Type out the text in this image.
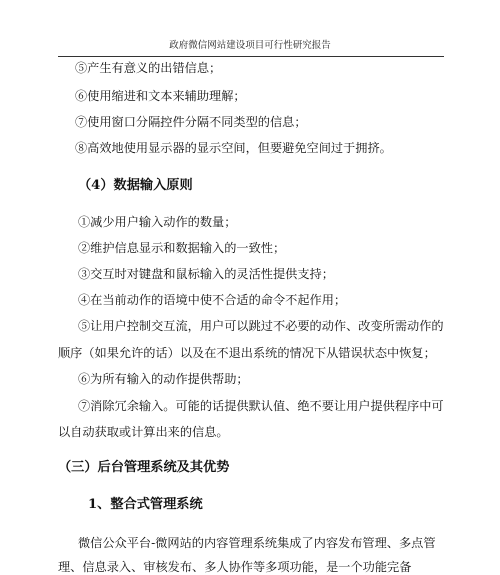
政府微信网站建设项目可行性研究报告
⑤产生有意义的出错信息；
⑥使用缩进和文本来辅助理解；
⑦使用窗口分隔控件分隔不同类型的信息；
⑧高效地使用显示器的显示空间，但要避免空间过于拥挤。
（4）数据输入原则
①减少用户输入动作的数量；
②维护信息显示和数据输入的一致性；
③交互时对键盘和鼠标输入的灵活性提供支持；
④在当前动作的语境中使不合适的命令不起作用；
⑤让用户控制交互流，用户可以跳过不必要的动作、改变所需动作的
顺序（如果允许的话）以及在不退出系统的情况下从错误状态中恢复；
⑥为所有输入的动作提供帮助；
⑦消除冗余输入。可能的话提供默认值、绝不要让用户提供程序中可
以自动获取或计算出来的信息。
（三）后台管理系统及其优势
1、整合式管理系统
微信公众平台-微网站的内容管理系统集成了内容发布管理、多点管
理、信息录入、审核发布、多人协作等多项功能，是一个功能完备
